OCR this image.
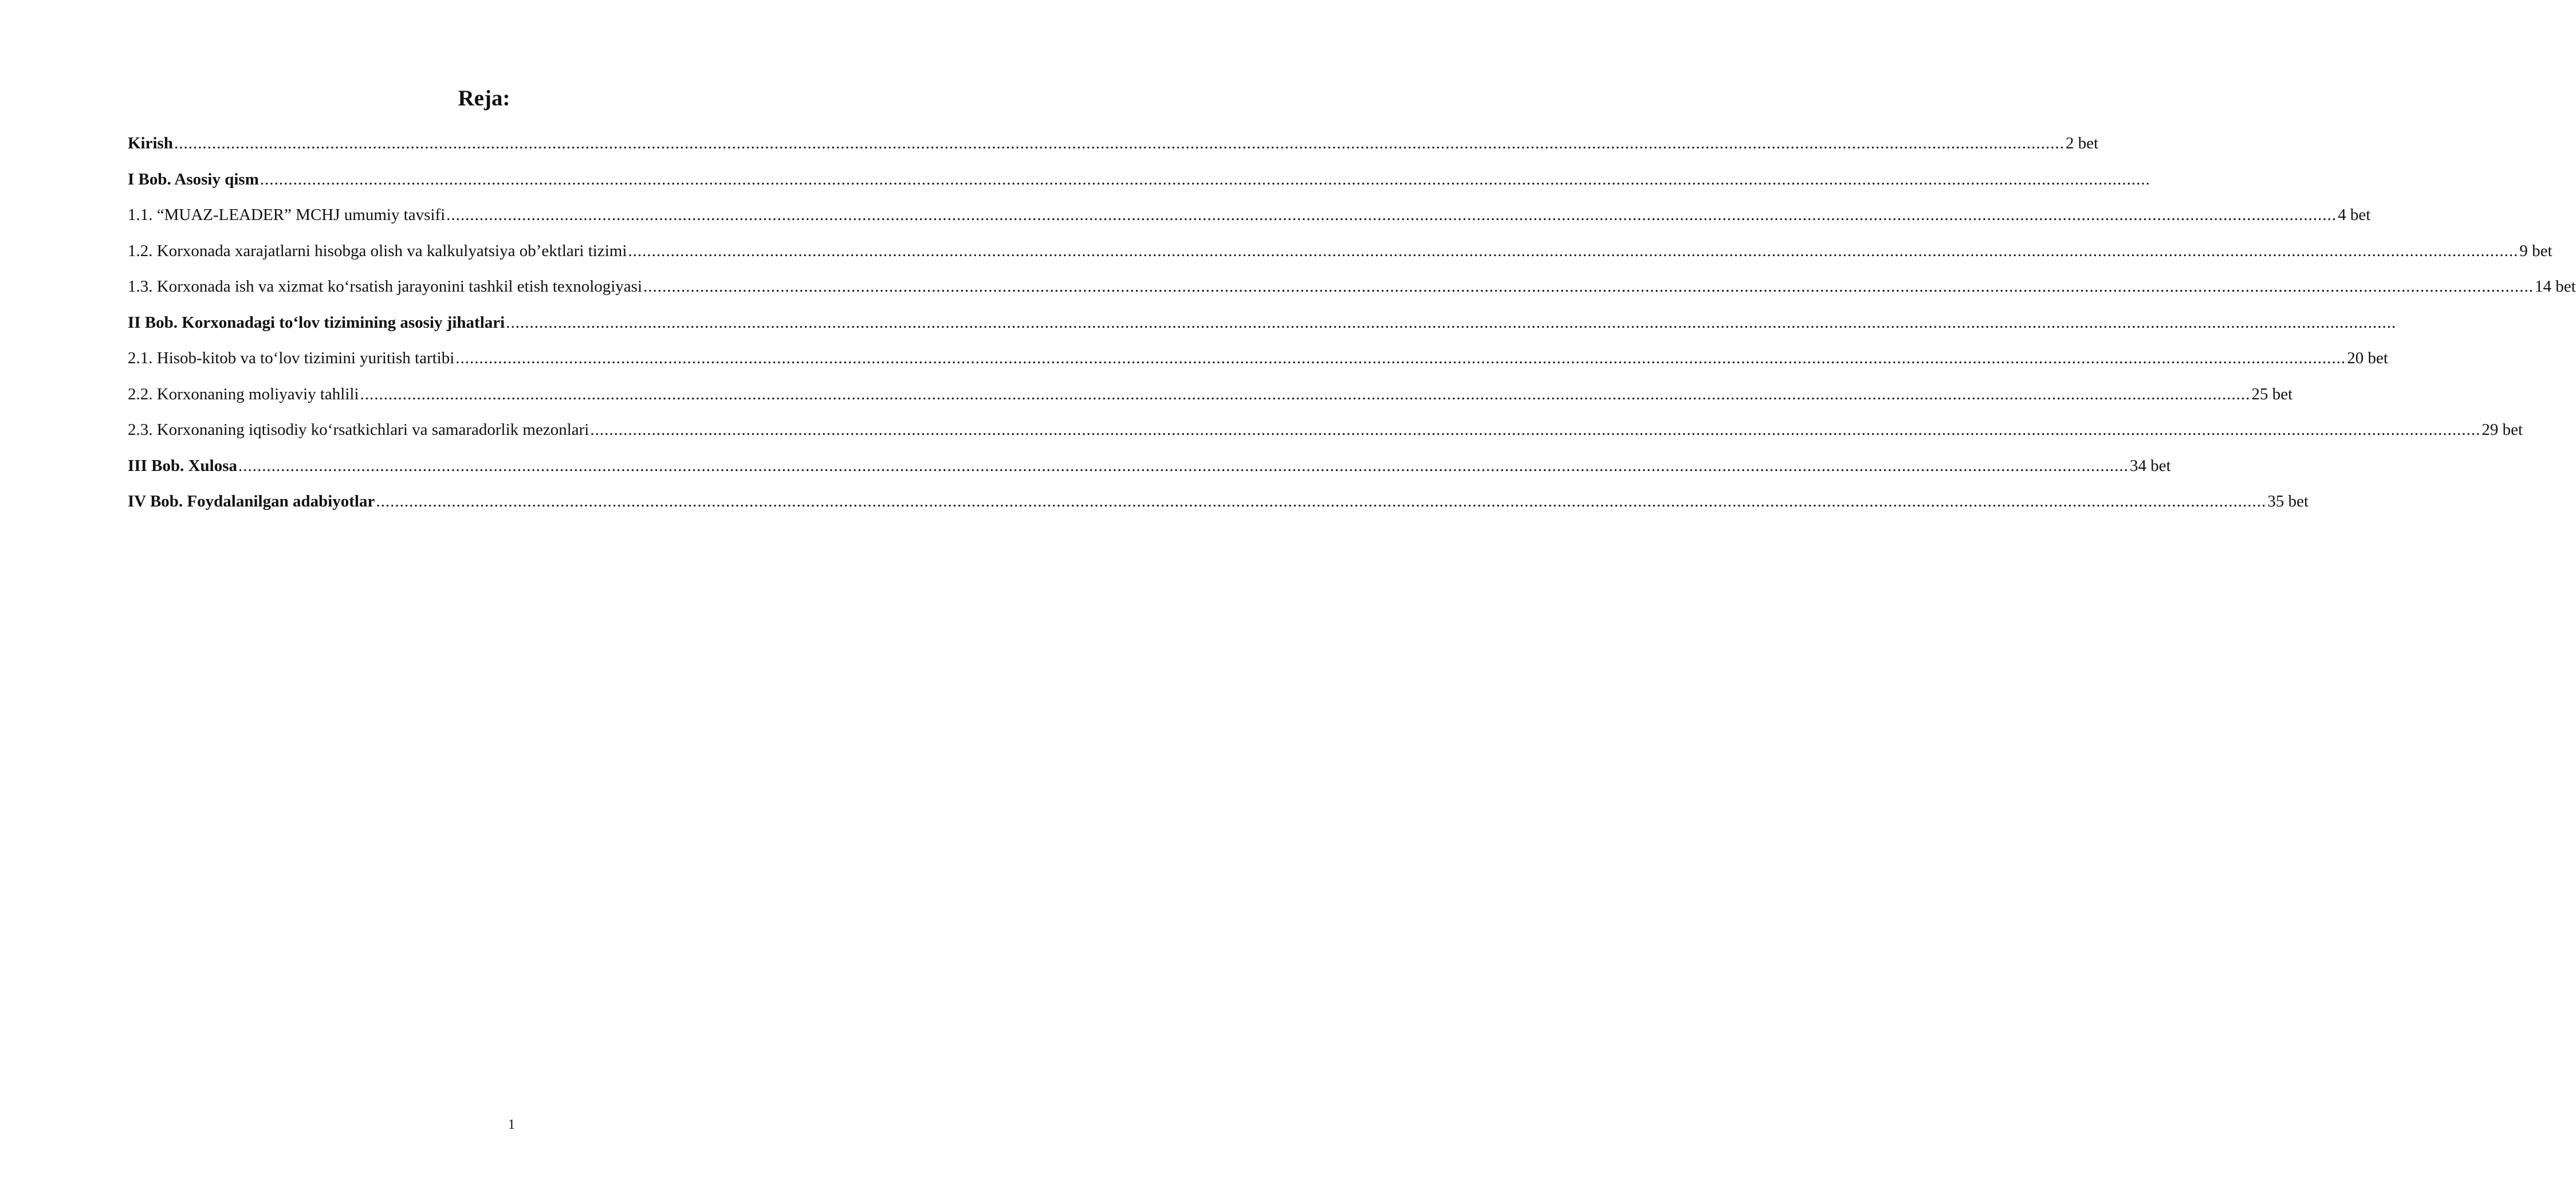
Reja:
Kirish ................................................................................................................................................................................................................................................................................................................................................................................................................ 2 bet
I Bob. Asosiy qism ................................................................................................................................................................................................................................................................................................................................................................................................................
1.1. “MUAZ-LEADER” MCHJ umumiy tavsifi ................................................................................................................................................................................................................................................................................................................................................................................................................ 4 bet
1.2. Korxonada xarajatlarni hisobga olish va kalkulyatsiya ob’ektlari tizimi ................................................................................................................................................................................................................................................................................................................................................................................................................ 9 bet
1.3. Korxonada ish va xizmat ko‘rsatish jarayonini tashkil etish texnologiyasi ................................................................................................................................................................................................................................................................................................................................................................................................................ 14 bet
II Bob. Korxonadagi to‘lov tizimining asosiy jihatlari ................................................................................................................................................................................................................................................................................................................................................................................................................
2.1. Hisob-kitob va to‘lov tizimini yuritish tartibi ................................................................................................................................................................................................................................................................................................................................................................................................................ 20 bet
2.2. Korxonaning moliyaviy tahlili ................................................................................................................................................................................................................................................................................................................................................................................................................ 25 bet
2.3. Korxonaning iqtisodiy ko‘rsatkichlari va samaradorlik mezonlari ................................................................................................................................................................................................................................................................................................................................................................................................................ 29 bet
III Bob. Xulosa ................................................................................................................................................................................................................................................................................................................................................................................................................ 34 bet
IV Bob. Foydalanilgan adabiyotlar ................................................................................................................................................................................................................................................................................................................................................................................................................ 35 bet
1
